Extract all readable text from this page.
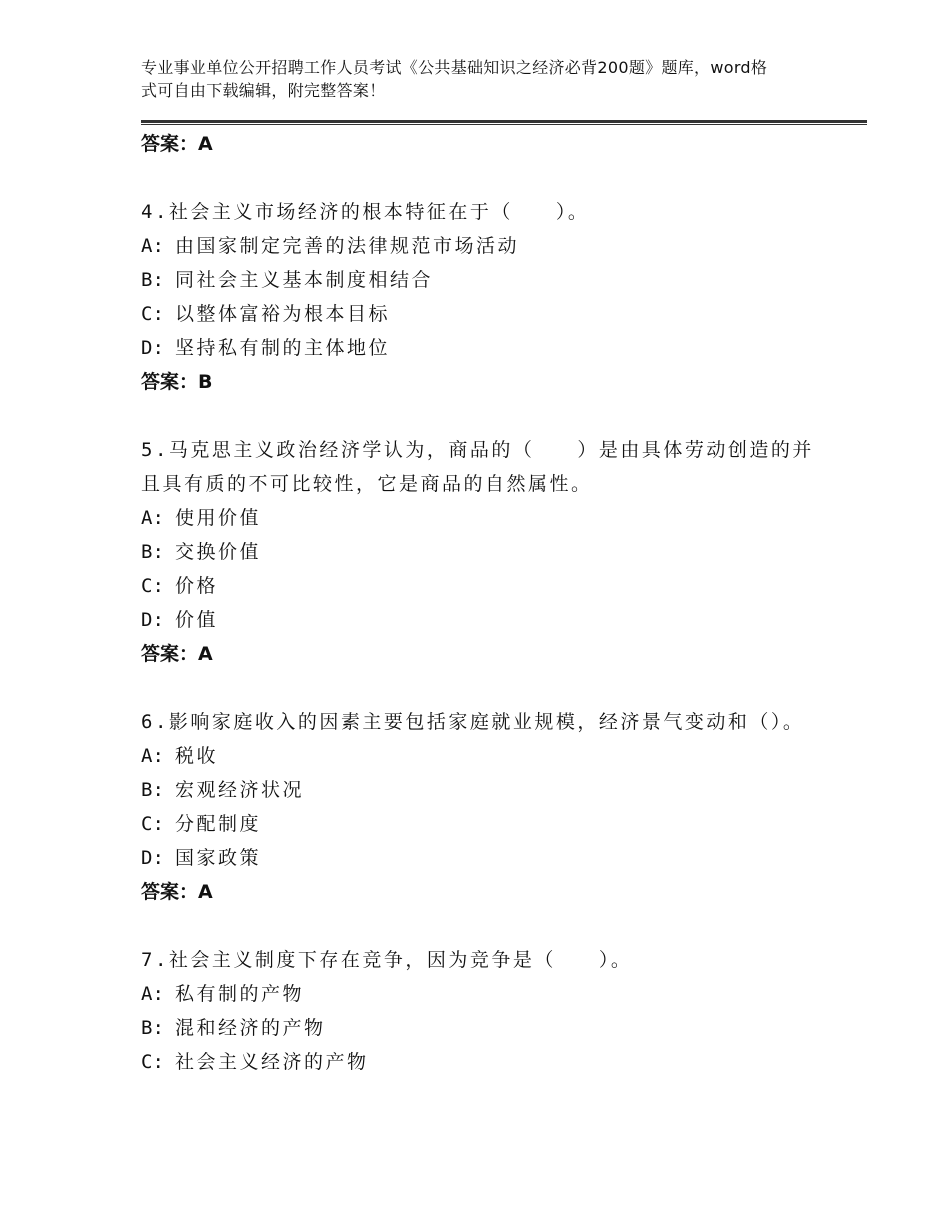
专业事业单位公开招聘工作人员考试《公共基础知识之经济必背200题》题库，word格式可自由下载编辑，附完整答案！
答案：A
4.社会主义市场经济的根本特征在于（　　）。
A: 由国家制定完善的法律规范市场活动
B: 同社会主义基本制度相结合
C: 以整体富裕为根本目标
D: 坚持私有制的主体地位
答案：B
5.马克思主义政治经济学认为，商品的（　　）是由具体劳动创造的并且具有质的不可比较性，它是商品的自然属性。
A: 使用价值
B: 交换价值
C: 价格
D: 价值
答案：A
6.影响家庭收入的因素主要包括家庭就业规模，经济景气变动和（）。
A: 税收
B: 宏观经济状况
C: 分配制度
D: 国家政策
答案：A
7.社会主义制度下存在竞争，因为竞争是（　　）。
A: 私有制的产物
B: 混和经济的产物
C: 社会主义经济的产物
